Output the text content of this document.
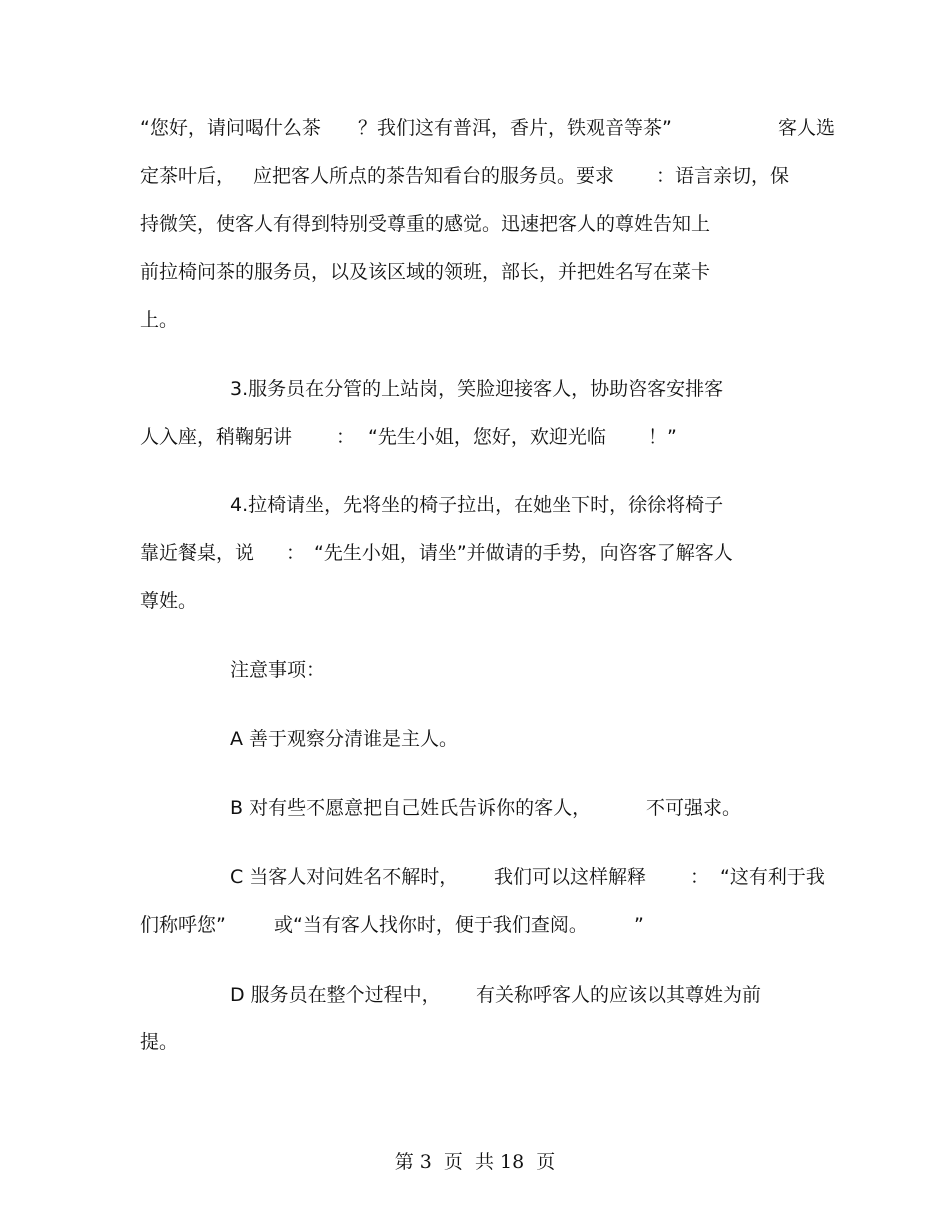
“您好，请问喝什么茶 ？我们这有普洱，香片，铁观音等茶”	客人选
定茶叶后， 应把客人所点的茶告知看台的服务员。要求 ：语言亲切，保
持微笑，使客人有得到特别受尊重的感觉。迅速把客人的尊姓告知上
前拉椅问茶的服务员，以及该区域的领班，部长，并把姓名写在菜卡
上。
3.服务员在分管的上站岗，笑脸迎接客人，协助咨客安排客
人入座，稍鞠躬讲 ： “先生小姐，您好，欢迎光临 ！”
4.拉椅请坐，先将坐的椅子拉出，在她坐下时，徐徐将椅子
靠近餐桌，说 ： “先生小姐，请坐”并做请的手势，向咨客了解客人
尊姓。
注意事项：
A 善于观察分清谁是主人。
B 对有些不愿意把自己姓氏告诉你的客人，	不可强求。
C 当客人对问姓名不解时， 我们可以这样解释 ： “这有利于我
们称呼您”	或“当有客人找你时，便于我们查阅。 ”
D 服务员在整个过程中， 有关称呼客人的应该以其尊姓为前
提。
第 3  页  共 18  页
